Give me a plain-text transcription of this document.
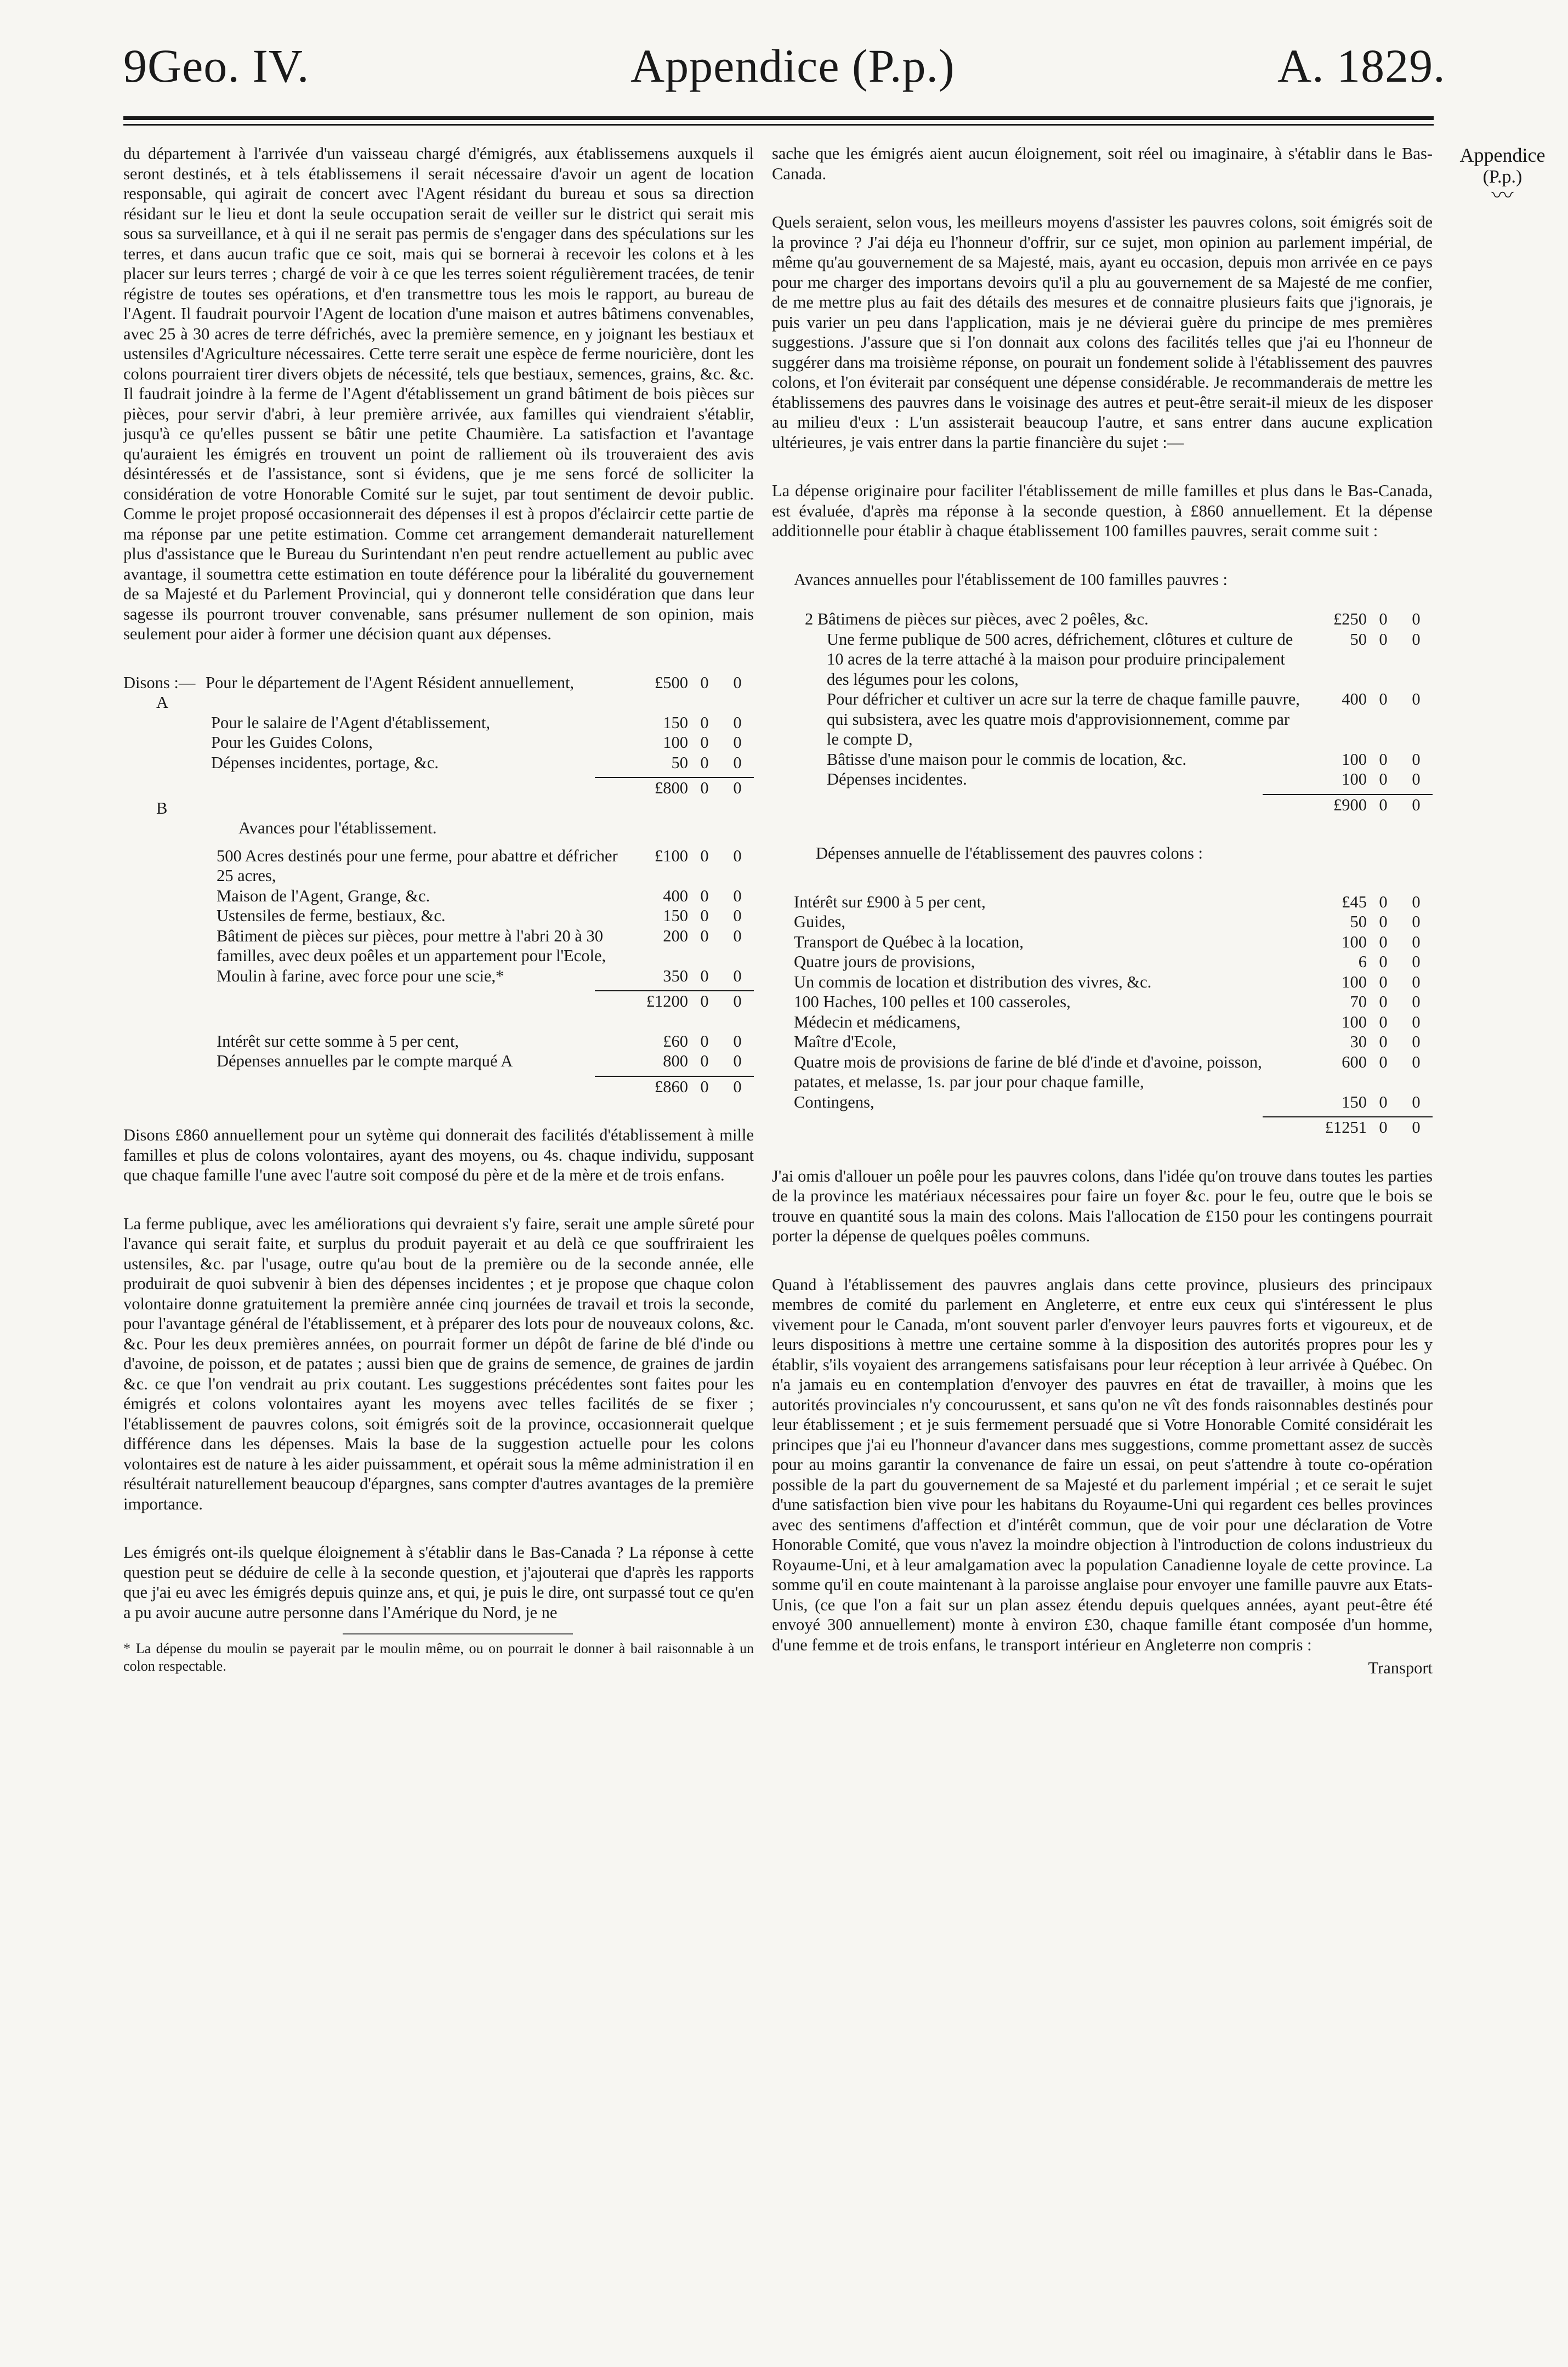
9Geo. IV.	Appendice (P.p.)	A. 1829.
Appendice
(P.p.)
〰

du département à l'arrivée d'un vaisseau chargé d'émigrés, aux établissemens auxquels il seront destinés, et à tels établissemens il serait nécessaire d'avoir un agent de location responsable, qui agirait de concert avec l'Agent résidant du bureau et sous sa direction résidant sur le lieu et dont la seule occupation serait de veiller sur le district qui serait mis sous sa surveillance, et à qui il ne serait pas permis de s'engager dans des spéculations sur les terres, et dans aucun trafic que ce soit, mais qui se bornerai à recevoir les colons et à les placer sur leurs terres ; chargé de voir à ce que les terres soient régulièrement tracées, de tenir régistre de toutes ses opérations, et d'en transmettre tous les mois le rapport, au bureau de l'Agent. Il faudrait pourvoir l'Agent de location d'une maison et autres bâtimens convenables, avec 25 à 30 acres de terre défrichés, avec la première semence, en y joignant les bestiaux et ustensiles d'Agriculture nécessaires. Cette terre serait une espèce de ferme nouricière, dont les colons pourraient tirer divers objets de nécessité, tels que bestiaux, semences, grains, &c. &c. Il faudrait joindre à la ferme de l'Agent d'établissement un grand bâtiment de bois pièces sur pièces, pour servir d'abri, à leur première arrivée, aux familles qui viendraient s'établir, jusqu'à ce qu'elles pussent se bâtir une petite Chaumière. La satisfaction et l'avantage qu'auraient les émigrés en trouvent un point de ralliement où ils trouveraient des avis désintéressés et de l'assistance, sont si évidens, que je me sens forcé de solliciter la considération de votre Honorable Comité sur le sujet, par tout sentiment de devoir public. Comme le projet proposé occasionnerait des dépenses il est à propos d'éclaircir cette partie de ma réponse par une petite estimation. Comme cet arrangement demanderait naturellement plus d'assistance que le Bureau du Surintendant n'en peut rendre actuellement au public avec avantage, il soumettra cette estimation en toute déférence pour la libéralité du gouvernement de sa Majesté et du Parlement Provincial, qui y donneront telle considération que dans leur sagesse ils pourront trouver convenable, sans présumer nullement de son opinion, mais seulement pour aider à former une décision quant aux dépenses.

Disons :— Pour le département de l'Agent Résident annuellement,	£500 0	0
A
Pour le salaire de l'Agent d'établissement,	150 0	0
Pour les Guides Colons,	100 0	0
Dépenses incidentes, portage, &c.	50 0	0
£800 0	0
B
Avances pour l'établissement.
500 Acres destinés pour une ferme, pour abattre et défricher 25 acres,
£100 0	0
Maison de l'Agent, Grange, &c.	400 0	0
Ustensiles de ferme, bestiaux, &c.	150 0	0
Bâtiment de pièces sur pièces, pour mettre à l'abri 20 à 30 familles, avec deux poêles et un appartement pour l'Ecole,
200 0	0
Moulin à farine, avec force pour une scie,*	350 0	0
£1200 0	0
Intérêt sur cette somme à 5 per cent,	£60 0	0
Dépenses annuelles par le compte marqué A	800 0	0
£860 0	0

Disons £860 annuellement pour un sytème qui donnerait des facilités d'établissement à mille familles et plus de colons volontaires, ayant des moyens, ou 4s. chaque individu, supposant que chaque famille l'une avec l'autre soit composé du père et de la mère et de trois enfans.

La ferme publique, avec les améliorations qui devraient s'y faire, serait une ample sûreté pour l'avance qui serait faite, et surplus du produit payerait et au delà ce que souffriraient les ustensiles, &c. par l'usage, outre qu'au bout de la première ou de la seconde année, elle produirait de quoi subvenir à bien des dépenses incidentes ; et je propose que chaque colon volontaire donne gratuitement la première année cinq journées de travail et trois la seconde, pour l'avantage général de l'établissement, et à préparer des lots pour de nouveaux colons, &c. &c. Pour les deux premières années, on pourrait former un dépôt de farine de blé d'inde ou d'avoine, de poisson, et de patates ; aussi bien que de grains de semence, de graines de jardin &c. ce que l'on vendrait au prix coutant. Les suggestions précédentes sont faites pour les émigrés et colons volontaires ayant les moyens avec telles facilités de se fixer ; l'établissement de pauvres colons, soit émigrés soit de la province, occasionnerait quelque différence dans les dépenses. Mais la base de la suggestion actuelle pour les colons volontaires est de nature à les aider puissamment, et opérait sous la même administration il en résultérait naturellement beaucoup d'épargnes, sans compter d'autres avantages de la première importance.

Les émigrés ont-ils quelque éloignement à s'établir dans le Bas-Canada ? La réponse à cette question peut se déduire de celle à la seconde question, et j'ajouterai que d'après les rapports que j'ai eu avec les émigrés depuis quinze ans, et qui, je puis le dire, ont surpassé tout ce qu'en a pu avoir aucune autre personne dans l'Amérique du Nord, je ne

* La dépense du moulin se payerait par le moulin même, ou on pourrait le donner à bail raisonnable à un colon respectable.

sache que les émigrés aient aucun éloignement, soit réel ou imaginaire, à s'établir dans le Bas-Canada.

Quels seraient, selon vous, les meilleurs moyens d'assister les pauvres colons, soit émigrés soit de la province ? J'ai déja eu l'honneur d'offrir, sur ce sujet, mon opinion au parlement impérial, de même qu'au gouvernement de sa Majesté, mais, ayant eu occasion, depuis mon arrivée en ce pays pour me charger des importans devoirs qu'il a plu au gouvernement de sa Majesté de me confier, de me mettre plus au fait des détails des mesures et de connaitre plusieurs faits que j'ignorais, je puis varier un peu dans l'application, mais je ne dévierai guère du principe de mes premières suggestions. J'assure que si l'on donnait aux colons des facilités telles que j'ai eu l'honneur de suggérer dans ma troisième réponse, on pourait un fondement solide à l'établissement des pauvres colons, et l'on éviterait par conséquent une dépense considérable. Je recommanderais de mettre les établissemens des pauvres dans le voisinage des autres et peut-être serait-il mieux de les disposer au milieu d'eux : L'un assisterait beaucoup l'autre, et sans entrer dans aucune explication ultérieures, je vais entrer dans la partie financière du sujet :—

La dépense originaire pour faciliter l'établissement de mille familles et plus dans le Bas-Canada, est évaluée, d'après ma réponse à la seconde question, à £860 annuellement. Et la dépense additionnelle pour établir à chaque établissement 100 familles pauvres, serait comme suit :

Avances annuelles pour l'établissement de 100 familles pauvres :
2 Bâtimens de pièces sur pièces, avec 2 poêles, &c.	£250 0	0
Une ferme publique de 500 acres, défrichement, clôtures et culture de 10 acres de la terre attaché à la maison pour produire principalement des légumes pour les colons,
50 0	0
Pour défricher et cultiver un acre sur la terre de chaque famille pauvre, qui subsistera, avec les quatre mois d'approvisionnement, comme par le compte D,
400 0	0
Bâtisse d'une maison pour le commis de location, &c.	100 0	0
Dépenses incidentes.	100 0	0
£900 0	0
Dépenses annuelle de l'établissement des pauvres colons :
Intérêt sur £900 à 5 per cent,	£45 0	0
Guides,	50 0	0
Transport de Québec à la location,	100 0	0
Quatre jours de provisions,	6 0	0
Un commis de location et distribution des vivres, &c.	100 0	0
100 Haches, 100 pelles et 100 casseroles,	70 0	0
Médecin et médicamens,	100 0	0
Maître d'Ecole,	30 0	0
Quatre mois de provisions de farine de blé d'inde et d'avoine, poisson, patates, et melasse, 1s. par jour pour chaque famille,
600 0	0
Contingens,	150 0	0
£1251 0	0

J'ai omis d'allouer un poêle pour les pauvres colons, dans l'idée qu'on trouve dans toutes les parties de la province les matériaux nécessaires pour faire un foyer &c. pour le feu, outre que le bois se trouve en quantité sous la main des colons. Mais l'allocation de £150 pour les contingens pourrait porter la dépense de quelques poêles communs.

Quand à l'établissement des pauvres anglais dans cette province, plusieurs des principaux membres de comité du parlement en Angleterre, et entre eux ceux qui s'intéressent le plus vivement pour le Canada, m'ont souvent parler d'envoyer leurs pauvres forts et vigoureux, et de leurs dispositions à mettre une certaine somme à la disposition des autorités propres pour les y établir, s'ils voyaient des arrangemens satisfaisans pour leur réception à leur arrivée à Québec. On n'a jamais eu en contemplation d'envoyer des pauvres en état de travailler, à moins que les autorités provinciales n'y concourussent, et sans qu'on ne vît des fonds raisonnables destinés pour leur établissement ; et je suis fermement persuadé que si Votre Honorable Comité considérait les principes que j'ai eu l'honneur d'avancer dans mes suggestions, comme promettant assez de succès pour au moins garantir la convenance de faire un essai, on peut s'attendre à toute co-opération possible de la part du gouvernement de sa Majesté et du parlement impérial ; et ce serait le sujet d'une satisfaction bien vive pour les habitans du Royaume-Uni qui regardent ces belles provinces avec des sentimens d'affection et d'intérêt commun, que de voir pour une déclaration de Votre Honorable Comité, que vous n'avez la moindre objection à l'introduction de colons industrieux du Royaume-Uni, et à leur amalgamation avec la population Canadienne loyale de cette province. La somme qu'il en coute maintenant à la paroisse anglaise pour envoyer une famille pauvre aux Etats-Unis, (ce que l'on a fait sur un plan assez étendu depuis quelques années, ayant peut-être été envoyé 300 annuellement) monte à environ £30, chaque famille étant composée d'un homme, d'une femme et de trois enfans, le transport intérieur en Angleterre non compris :

Transport
